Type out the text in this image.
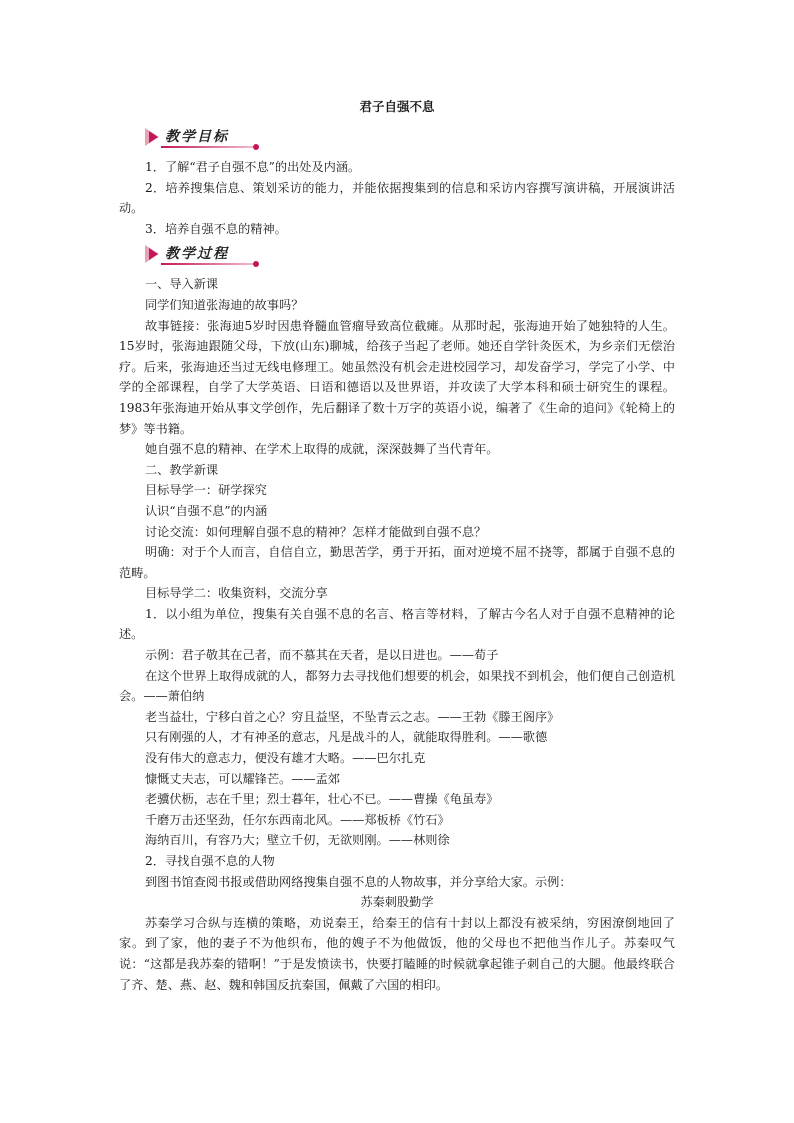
君子自强不息
教学目标

1．了解“君子自强不息”的出处及内涵。

2．培养搜集信息、策划采访的能力，并能依据搜集到的信息和采访内容撰写演讲稿，开展演讲活动。

3．培养自强不息的精神。

教学过程

一、导入新课

同学们知道张海迪的故事吗？

故事链接：张海迪5岁时因患脊髓血管瘤导致高位截瘫。从那时起，张海迪开始了她独特的人生。15岁时，张海迪跟随父母，下放(山东)聊城，给孩子当起了老师。她还自学针灸医术，为乡亲们无偿治疗。后来，张海迪还当过无线电修理工。她虽然没有机会走进校园学习，却发奋学习，学完了小学、中学的全部课程，自学了大学英语、日语和德语以及世界语，并攻读了大学本科和硕士研究生的课程。1983年张海迪开始从事文学创作，先后翻译了数十万字的英语小说，编著了《生命的追问》《轮椅上的梦》等书籍。

她自强不息的精神、在学术上取得的成就，深深鼓舞了当代青年。

二、教学新课

目标导学一：研学探究

认识“自强不息”的内涵

讨论交流：如何理解自强不息的精神？怎样才能做到自强不息？

明确：对于个人而言，自信自立，勤思苦学，勇于开拓，面对逆境不屈不挠等，都属于自强不息的范畴。

目标导学二：收集资料，交流分享

1．以小组为单位，搜集有关自强不息的名言、格言等材料，了解古今名人对于自强不息精神的论述。

示例：君子敬其在己者，而不慕其在天者，是以日进也。——荀子

在这个世界上取得成就的人，都努力去寻找他们想要的机会，如果找不到机会，他们便自己创造机会。——萧伯纳

老当益壮，宁移白首之心？穷且益坚，不坠青云之志。——王勃《滕王阁序》

只有刚强的人，才有神圣的意志，凡是战斗的人，就能取得胜利。——歌德

没有伟大的意志力，便没有雄才大略。——巴尔扎克

慷慨丈夫志，可以耀锋芒。——孟郊

老骥伏枥，志在千里；烈士暮年，壮心不已。——曹操《龟虽寿》

千磨万击还坚劲，任尔东西南北风。——郑板桥《竹石》

海纳百川，有容乃大；壁立千仞，无欲则刚。——林则徐

2．寻找自强不息的人物

到图书馆查阅书报或借助网络搜集自强不息的人物故事，并分享给大家。示例：

苏秦刺股勤学

苏秦学习合纵与连横的策略，劝说秦王，给秦王的信有十封以上都没有被采纳，穷困潦倒地回了家。到了家，他的妻子不为他织布，他的嫂子不为他做饭，他的父母也不把他当作儿子。苏秦叹气说：“这都是我苏秦的错啊！”于是发愤读书，快要打瞌睡的时候就拿起锥子刺自己的大腿。他最终联合了齐、楚、燕、赵、魏和韩国反抗秦国，佩戴了六国的相印。
